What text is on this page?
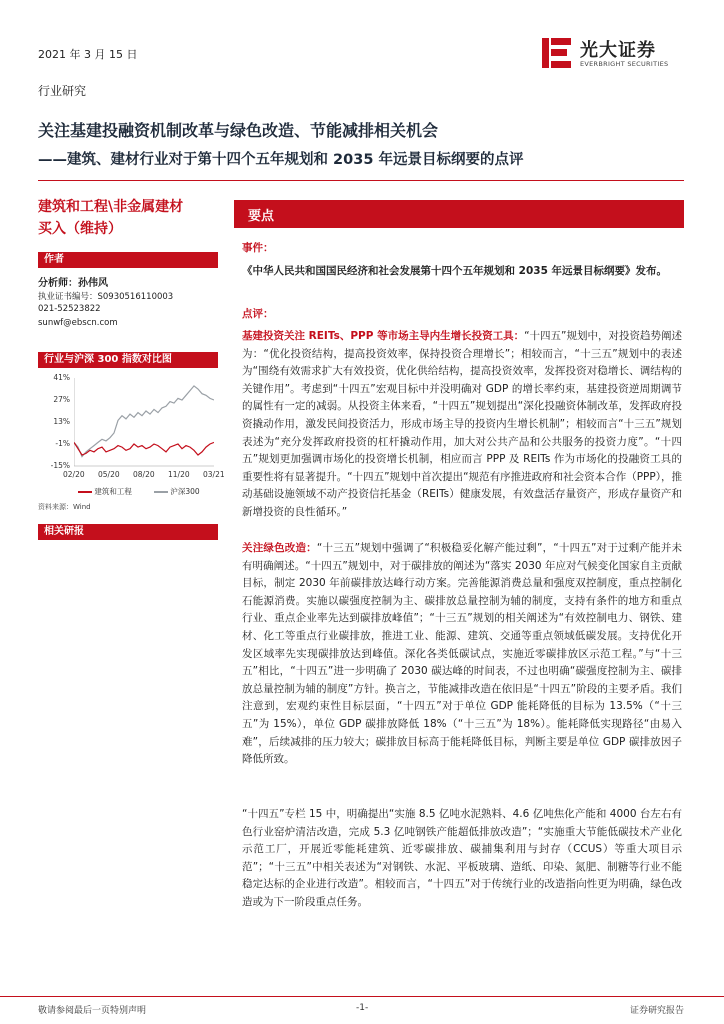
2021 年 3 月 15 日
行业研究
光大证券
EVERBRIGHT SECURITIES
关注基建投融资机制改革与绿色改造、节能减排相关机会
——建筑、建材行业对于第十四个五年规划和 2035 年远景目标纲要的点评
建筑和工程\非金属建材
买入（维持）
作者
分析师：孙伟风
执业证书编号：S0930516110003
021-52523822
sunwf@ebscn.com
行业与沪深 300 指数对比图
41%
27%
13%
-1%
-15%
02/20 05/20 08/20 11/20 03/21
建筑和工程	沪深300
资料来源：Wind
相关研报
要点
事件：
《中华人民共和国国民经济和社会发展第十四个五年规划和 2035 年远景目标纲要》发布。
点评：
基建投资关注 REITs、PPP 等市场主导内生增长投资工具：“十四五”规划中，对投资趋势阐述为：“优化投资结构，提高投资效率，保持投资合理增长”；相较而言，“十三五”规划中的表述为“围绕有效需求扩大有效投资，优化供给结构，提高投资效率，发挥投资对稳增长、调结构的关键作用”。考虑到“十四五”宏观目标中并没明确对 GDP 的增长率约束，基建投资逆周期调节的属性有一定的减弱。从投资主体来看，“十四五”规划提出“深化投融资体制改革，发挥政府投资撬动作用，激发民间投资活力，形成市场主导的投资内生增长机制”；相较而言“十三五”规划表述为“充分发挥政府投资的杠杆撬动作用，加大对公共产品和公共服务的投资力度”。“十四五”规划更加强调市场化的投资增长机制，相应而言 PPP 及 REITs 作为市场化的投融资工具的重要性将有显著提升。“十四五”规划中首次提出“规范有序推进政府和社会资本合作（PPP），推动基础设施领域不动产投资信托基金（REITs）健康发展，有效盘活存量资产，形成存量资产和新增投资的良性循环。”
关注绿色改造：“十三五”规划中强调了“积极稳妥化解产能过剩”，“十四五”对于过剩产能并未有明确阐述。“十四五”规划中，对于碳排放的阐述为“落实 2030 年应对气候变化国家自主贡献目标，制定 2030 年前碳排放达峰行动方案。完善能源消费总量和强度双控制度，重点控制化石能源消费。实施以碳强度控制为主、碳排放总量控制为辅的制度，支持有条件的地方和重点行业、重点企业率先达到碳排放峰值”；“十三五”规划的相关阐述为“有效控制电力、钢铁、建材、化工等重点行业碳排放，推进工业、能源、建筑、交通等重点领域低碳发展。支持优化开发区域率先实现碳排放达到峰值。深化各类低碳试点，实施近零碳排放区示范工程。”与“十三五”相比，“十四五”进一步明确了 2030 碳达峰的时间表，不过也明确“碳强度控制为主、碳排放总量控制为辅的制度”方针。换言之，节能减排改造在依旧是“十四五”阶段的主要矛盾。我们注意到，宏观约束性目标层面，“十四五”对于单位 GDP 能耗降低的目标为 13.5%（“十三五”为 15%），单位 GDP 碳排放降低 18%（“十三五”为 18%）。能耗降低实现路径“由易入难”，后续减排的压力较大；碳排放目标高于能耗降低目标，判断主要是单位 GDP 碳排放因子降低所致。
“十四五”专栏 15 中，明确提出“实施 8.5 亿吨水泥熟料、4.6 亿吨焦化产能和 4000 台左右有色行业窑炉清洁改造，完成 5.3 亿吨钢铁产能超低排放改造”；“实施重大节能低碳技术产业化示范工厂，开展近零能耗建筑、近零碳排放、碳捕集利用与封存（CCUS）等重大项目示范”；“十三五”中相关表述为“对钢铁、水泥、平板玻璃、造纸、印染、氮肥、制糖等行业不能稳定达标的企业进行改造”。相较而言，“十四五”对于传统行业的改造指向性更为明确，绿色改造或为下一阶段重点任务。
敬请参阅最后一页特别声明	-1-	证券研究报告
